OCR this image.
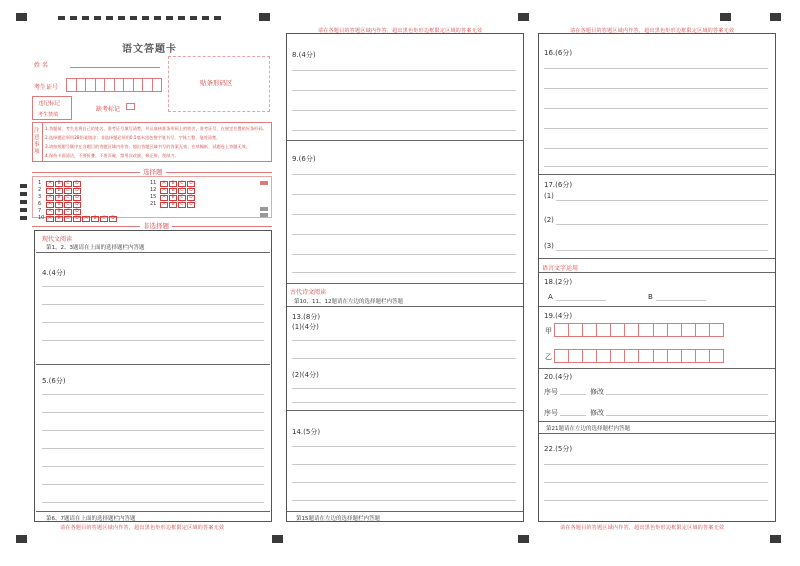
语文答题卡
姓 名
考生证号
贴条形码区
违纪标记
考生禁填
缺考标记
注意事项
1.答题前，考生先将自己的姓名、准考证号填写清楚，并认真核准条形码上的姓名、准考证号，在规定位置贴好条形码。
2.选择题必须用2B铅笔填涂；非选择题必须用0.5毫米黑色签字笔书写，字体工整、笔迹清楚。
3.请按照题号顺序在各题目的答题区域内作答，超出答题区域书写的答案无效；在草稿纸、试题卷上答题无效。
4.保持卡面清洁，不要折叠、不要弄破，禁用涂改液、修正带、刮纸刀。
选择题
1 A B C D
2 A B C D
3 A B C D
6 A B C D
7 A B C D
10 A B C D A B C D
11 A B C D
12 A B C D
15 A B C D
21 A B C D
非选择题
现代文阅读
第1、2、3题请在上面的选择题栏内答题
4.(4分)
5.(6分)
第6、7题请在上面的选择题栏内答题
请在各题目的答题区域内作答，超出黑色矩形边框限定区域的答案无效
请在各题目的答题区域内作答，超出黑色矩形边框限定区域的答案无效
8.(4分)
9.(6分)
古代诗文阅读
第10、11、12题请在左边的选择题栏内答题
13.(8分)
(1)(4分)
(2)(4分)
14.(5分)
第15题请在左边的选择题栏内答题
请在各题目的答题区域内作答，超出黑色矩形边框限定区域的答案无效
16.(6分)
17.(6分)
(1)
(2)
(3)
语言文字运用
18.(2分)
A	B
19.(4分)
甲
乙
20.(4分)
序号	修改
序号	修改
第21题请在左边的选择题栏内答题
22.(5分)
请在各题目的答题区域内作答，超出黑色矩形边框限定区域的答案无效
